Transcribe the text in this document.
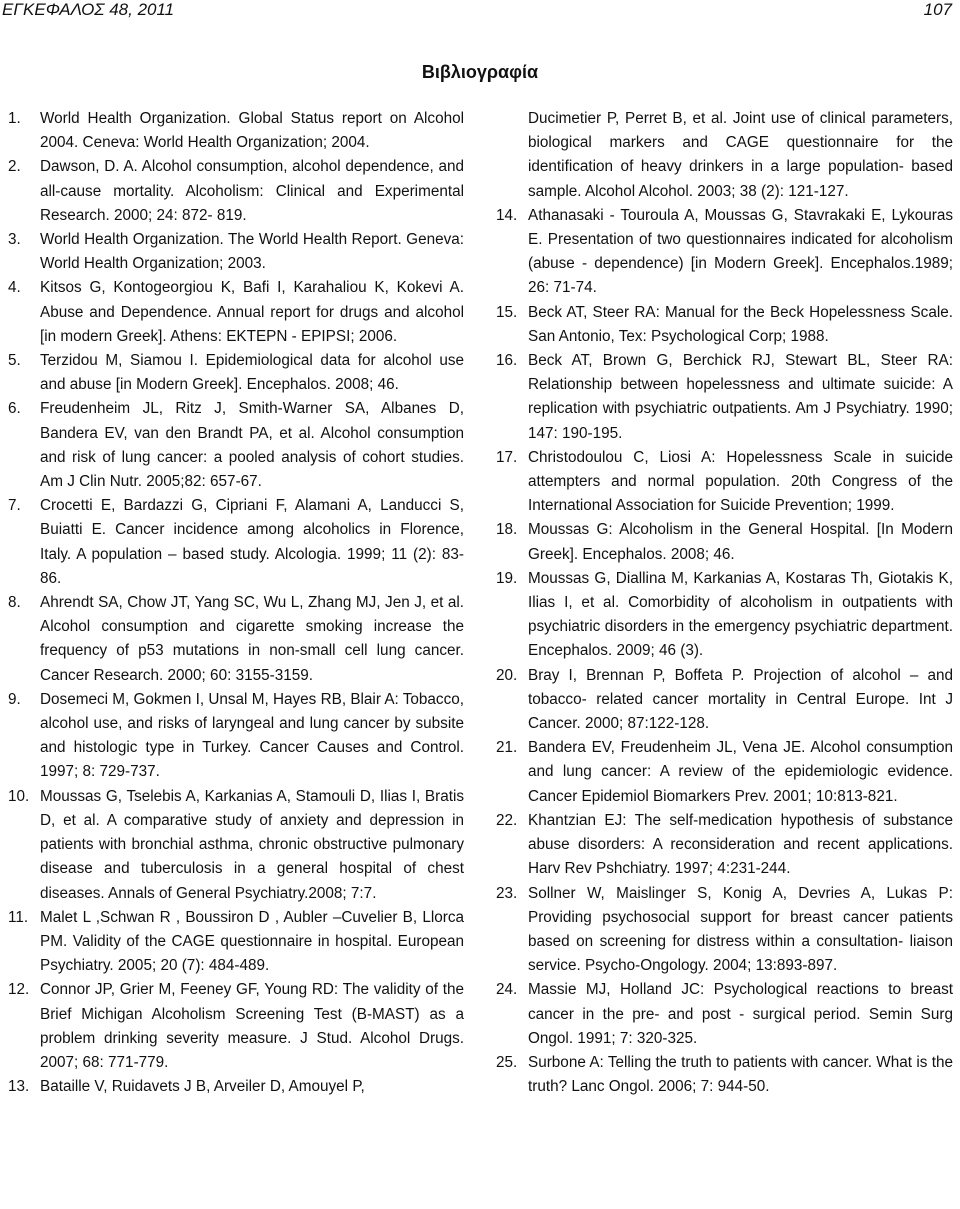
ΕΓΚΕΦΑΛΟΣ 48, 2011	107
Βιβλιογραφία
1.	World Health Organization. Global Status report on Alcohol 2004. Ceneva: World Health Organization; 2004.
2.	Dawson, D. A. Alcohol consumption, alcohol dependence, and all-cause mortality. Alcoholism: Clinical and Experimental Research. 2000; 24: 872- 819.
3.	World Health Organization. The World Health Report. Geneva: World Health Organization; 2003.
4.	Kitsos G, Kontogeorgiou K, Bafi I, Karahaliou K, Kokevi A. Abuse and Dependence. Annual report for drugs and alcohol [in modern Greek]. Athens: EKTEPN - EPIPSI; 2006.
5.	Terzidou M, Siamou I. Epidemiological data for alcohol use and abuse [in Modern Greek]. Encephalos. 2008; 46.
6.	Freudenheim JL, Ritz J, Smith-Warner SA, Albanes D, Bandera EV, van den Brandt PA, et al. Alcohol consumption and risk of lung cancer: a pooled analysis of cohort studies. Am J Clin Nutr. 2005;82: 657-67.
7.	Crocetti E, Bardazzi G, Cipriani F, Alamani A, Landucci S, Buiatti E. Cancer incidence among alcoholics in Florence, Italy. A population – based study. Alcologia. 1999; 11 (2): 83-86.
8.	Ahrendt SA, Chow JT, Yang SC, Wu L, Zhang MJ, Jen J, et al. Alcohol consumption and cigarette smoking increase the frequency of p53 mutations in non-small cell lung cancer. Cancer Research. 2000; 60: 3155-3159.
9.	Dosemeci M, Gokmen I, Unsal M, Hayes RB, Blair A: Tobacco, alcohol use, and risks of laryngeal and lung cancer by subsite and histologic type in Turkey. Cancer Causes and Control. 1997; 8: 729-737.
10. Moussas G, Tselebis A, Karkanias A, Stamouli D, Ilias I, Bratis D, et al. A comparative study of anxiety and depression in patients with bronchial asthma, chronic obstructive pulmonary disease and tuberculosis in a general hospital of chest diseases. Annals of General Psychiatry.2008; 7:7.
11. Malet L ,Schwan R , Boussiron D , Aubler –Cuvelier B, Llorca PM. Validity of the CAGE questionnaire in hospital. European Psychiatry. 2005; 20 (7): 484-489.
12. Connor JP, Grier M, Feeney GF, Young RD: The validity of the Brief Michigan Alcoholism Screening Test (B-MAST) as a problem drinking severity measure. J Stud. Alcohol Drugs. 2007; 68: 771-779.
13. Bataille V, Ruidavets J B, Arveiler D, Amouyel P,
Ducimetier P, Perret B, et al. Joint use of clinical parameters, biological markers and CAGE questionnaire for the identification of heavy drinkers in a large population- based sample. Alcohol Alcohol. 2003; 38 (2): 121-127.
14. Athanasaki - Touroula A, Moussas G, Stavrakaki E, Lykouras E. Presentation of two questionnaires indicated for alcoholism (abuse - dependence) [in Modern Greek]. Encephalos.1989; 26: 71-74.
15. Beck AT, Steer RA: Manual for the Beck Hopelessness Scale. San Antonio, Tex: Psychological Corp; 1988.
16. Beck AT, Brown G, Berchick RJ, Stewart BL, Steer RA: Relationship between hopelessness and ultimate suicide: A replication with psychiatric outpatients. Am J Psychiatry. 1990; 147: 190-195.
17. Christodoulou C, Liosi A: Hopelessness Scale in suicide attempters and normal population. 20th Congress of the International Association for Suicide Prevention; 1999.
18. Moussas G: Alcoholism in the General Hospital. [In Modern Greek]. Encephalos. 2008; 46.
19. Moussas G, Diallina M, Karkanias A, Kostaras Th, Giotakis K, Ilias I, et al. Comorbidity of alcoholism in outpatients with psychiatric disorders in the emergency psychiatric department. Encephalos. 2009; 46 (3).
20. Bray I, Brennan P, Boffeta P. Projection of alcohol – and tobacco- related cancer mortality in Central Europe. Int J Cancer. 2000; 87:122-128.
21. Bandera EV, Freudenheim JL, Vena JE. Alcohol consumption and lung cancer: A review of the epidemiologic evidence. Cancer Epidemiol Biomarkers Prev. 2001; 10:813-821.
22. Khantzian EJ: The self-medication hypothesis of substance abuse disorders: A reconsideration and recent applications. Harv Rev Pshchiatry. 1997; 4:231-244.
23. Sollner W, Maislinger S, Konig A, Devries A, Lukas P: Providing psychosocial support for breast cancer patients based on screening for distress within a consultation- liaison service. Psycho-Ongology. 2004; 13:893-897.
24. Massie MJ, Holland JC: Psychological reactions to breast cancer in the pre- and post - surgical period. Semin Surg Ongol. 1991; 7: 320-325.
25. Surbone A: Telling the truth to patients with cancer. What is the truth? Lanc Ongol. 2006; 7: 944-50.
